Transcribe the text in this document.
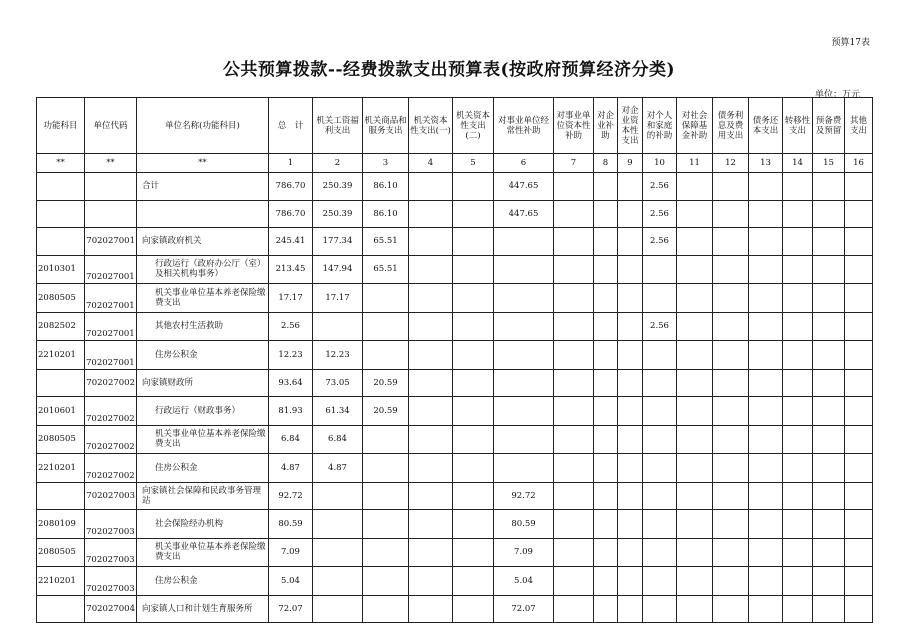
预算17表
公共预算拨款--经费拨款支出预算表(按政府预算经济分类)
单位：万元
功能科目	单位代码	单位名称(功能科目)	总　计	机关工资福利支出	机关商品和服务支出	机关资本性支出(一)	机关资本性支出(二)	对事业单位经常性补助	对事业单位资本性补助	对企业补助	对企业资本性支出	对个人和家庭的补助	对社会保障基金补助	债务利息及费用支出	债务还本支出	转移性支出	预备费及预留	其他支出
**	**	**	1	2	3	4	5	6	7	8	9	10	11	12	13	14	15	16
		合计	786.70	250.39	86.10			447.65				2.56						
			786.70	250.39	86.10			447.65				2.56						
	702027001	向家镇政府机关	245.41	177.34	65.51							2.56						
2010301	702027001	行政运行（政府办公厅（室）及相关机构事务）	213.45	147.94	65.51													
2080505	702027001	机关事业单位基本养老保险缴费支出	17.17	17.17														
2082502	702027001	其他农村生活救助	2.56									2.56						
2210201	702027001	住房公积金	12.23	12.23														
	702027002	向家镇财政所	93.64	73.05	20.59													
2010601	702027002	行政运行（财政事务）	81.93	61.34	20.59													
2080505	702027002	机关事业单位基本养老保险缴费支出	6.84	6.84														
2210201	702027002	住房公积金	4.87	4.87														
	702027003	向家镇社会保障和民政事务管理站	92.72					92.72										
2080109	702027003	社会保险经办机构	80.59					80.59										
2080505	702027003	机关事业单位基本养老保险缴费支出	7.09					7.09										
2210201	702027003	住房公积金	5.04					5.04										
	702027004	向家镇人口和计划生育服务所	72.07					72.07										
